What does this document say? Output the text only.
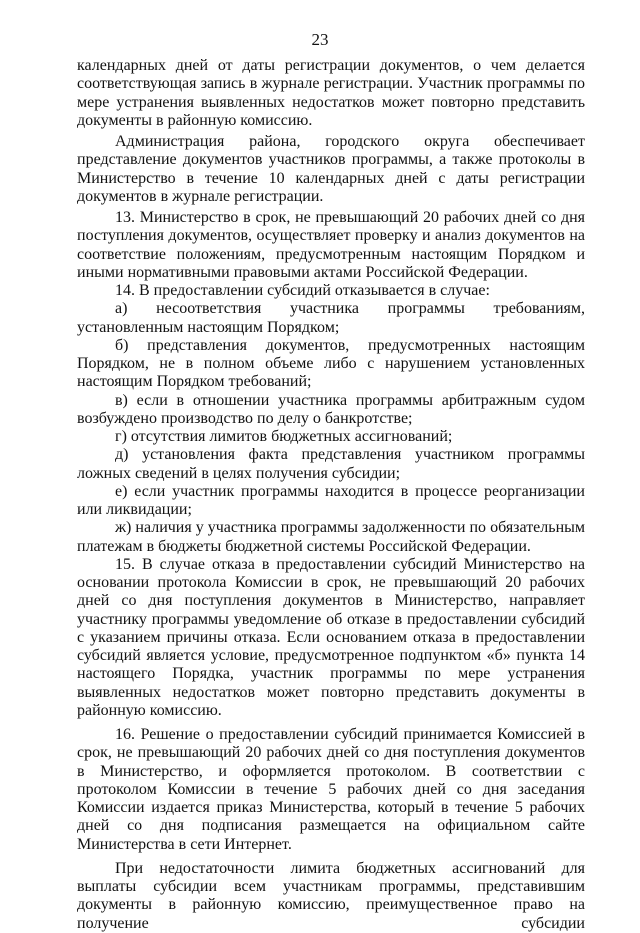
23

календарных дней от даты регистрации документов, о чем делается соответствующая запись в журнале регистрации. Участник программы по мере устранения выявленных недостатков может повторно представить документы в районную комиссию.

Администрация района, городского округа обеспечивает представление документов участников программы, а также протоколы в Министерство в течение 10 календарных дней с даты регистрации документов в журнале регистрации.

13. Министерство в срок, не превышающий 20 рабочих дней со дня поступления документов, осуществляет проверку и анализ документов на соответствие положениям, предусмотренным настоящим Порядком и иными нормативными правовыми актами Российской Федерации.

14. В предоставлении субсидий отказывается в случае:

а) несоответствия участника программы требованиям, установленным настоящим Порядком;

б) представления документов, предусмотренных настоящим Порядком, не в полном объеме либо с нарушением установленных настоящим Порядком требований;

в) если в отношении участника программы арбитражным судом возбуждено производство по делу о банкротстве;

г) отсутствия лимитов бюджетных ассигнований;

д) установления факта представления участником программы ложных сведений в целях получения субсидии;

е) если участник программы находится в процессе реорганизации или ликвидации;

ж) наличия у участника программы задолженности по обязательным платежам в бюджеты бюджетной системы Российской Федерации.

15. В случае отказа в предоставлении субсидий Министерство на основании протокола Комиссии в срок, не превышающий 20 рабочих дней со дня поступления документов в Министерство, направляет участнику программы уведомление об отказе в предоставлении субсидий с указанием причины отказа. Если основанием отказа в предоставлении субсидий является условие, предусмотренное подпунктом «б» пункта 14 настоящего Порядка, участник программы по мере устранения выявленных недостатков может повторно представить документы в районную комиссию.

16. Решение о предоставлении субсидий принимается Комиссией в срок, не превышающий 20 рабочих дней со дня поступления документов в Министерство, и оформляется протоколом. В соответствии с протоколом Комиссии в течение 5 рабочих дней со дня заседания Комиссии издается приказ Министерства, который в течение 5 рабочих дней со дня подписания размещается на официальном сайте Министерства в сети Интернет.

При недостаточности лимита бюджетных ассигнований для выплаты субсидии всем участникам программы, представившим документы в районную комиссию, преимущественное право на получение субсидии
